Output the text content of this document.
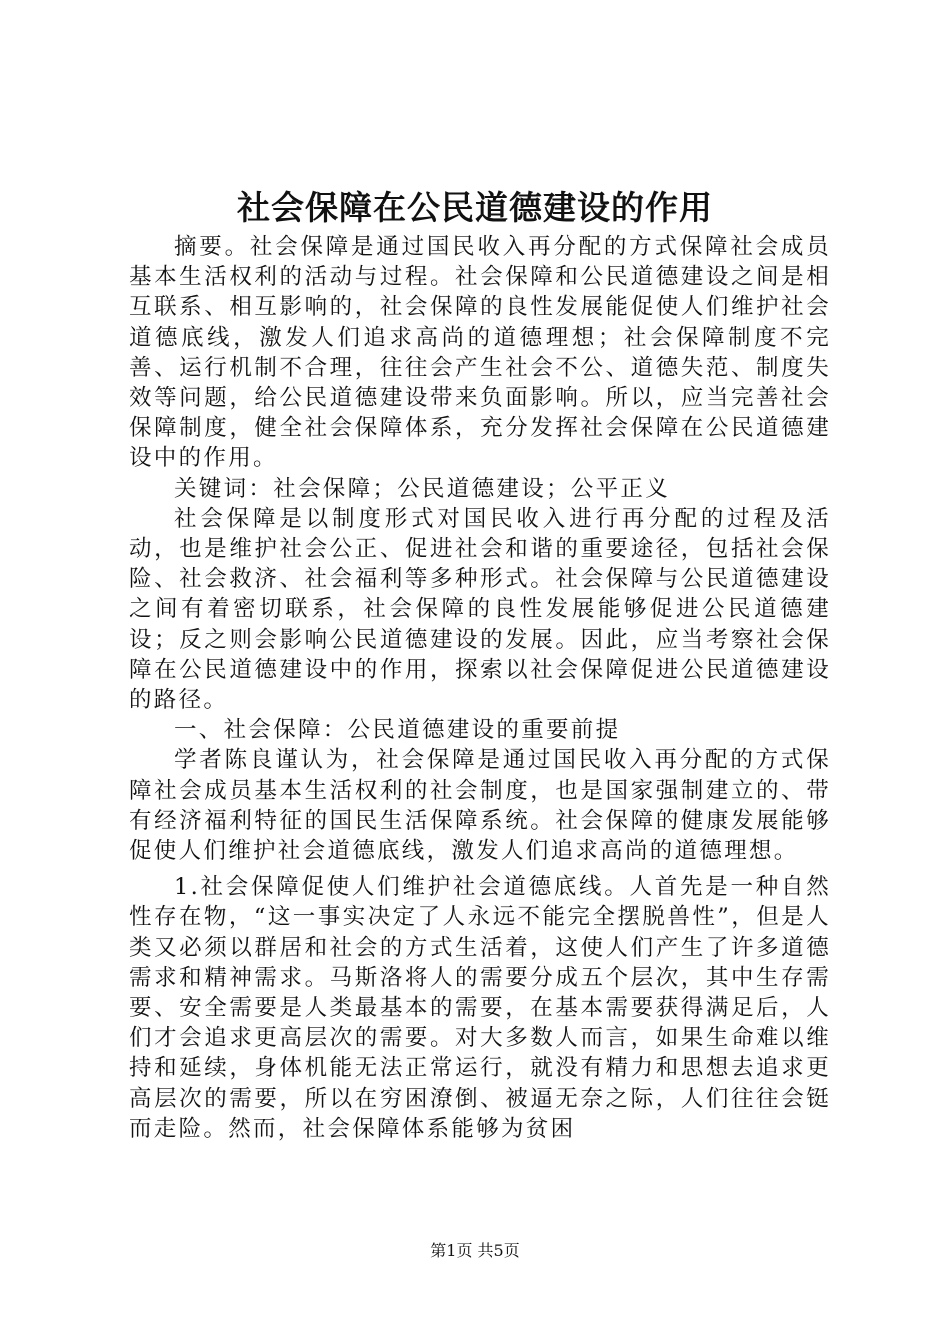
社会保障在公民道德建设的作用

摘要。社会保障是通过国民收入再分配的方式保障社会成员基本生活权利的活动与过程。社会保障和公民道德建设之间是相互联系、相互影响的，社会保障的良性发展能促使人们维护社会道德底线，激发人们追求高尚的道德理想；社会保障制度不完善、运行机制不合理，往往会产生社会不公、道德失范、制度失效等问题，给公民道德建设带来负面影响。所以，应当完善社会保障制度，健全社会保障体系，充分发挥社会保障在公民道德建设中的作用。

关键词：社会保障；公民道德建设；公平正义

社会保障是以制度形式对国民收入进行再分配的过程及活动，也是维护社会公正、促进社会和谐的重要途径，包括社会保险、社会救济、社会福利等多种形式。社会保障与公民道德建设之间有着密切联系，社会保障的良性发展能够促进公民道德建设；反之则会影响公民道德建设的发展。因此，应当考察社会保障在公民道德建设中的作用，探索以社会保障促进公民道德建设的路径。

一、社会保障：公民道德建设的重要前提

学者陈良谨认为，社会保障是通过国民收入再分配的方式保障社会成员基本生活权利的社会制度，也是国家强制建立的、带有经济福利特征的国民生活保障系统。社会保障的健康发展能够促使人们维护社会道德底线，激发人们追求高尚的道德理想。

1.社会保障促使人们维护社会道德底线。人首先是一种自然性存在物，“这一事实决定了人永远不能完全摆脱兽性”，但是人类又必须以群居和社会的方式生活着，这使人们产生了许多道德需求和精神需求。马斯洛将人的需要分成五个层次，其中生存需要、安全需要是人类最基本的需要，在基本需要获得满足后，人们才会追求更高层次的需要。对大多数人而言，如果生命难以维持和延续，身体机能无法正常运行，就没有精力和思想去追求更高层次的需要，所以在穷困潦倒、被逼无奈之际，人们往往会铤而走险。然而，社会保障体系能够为贫困

第1页 共5页
